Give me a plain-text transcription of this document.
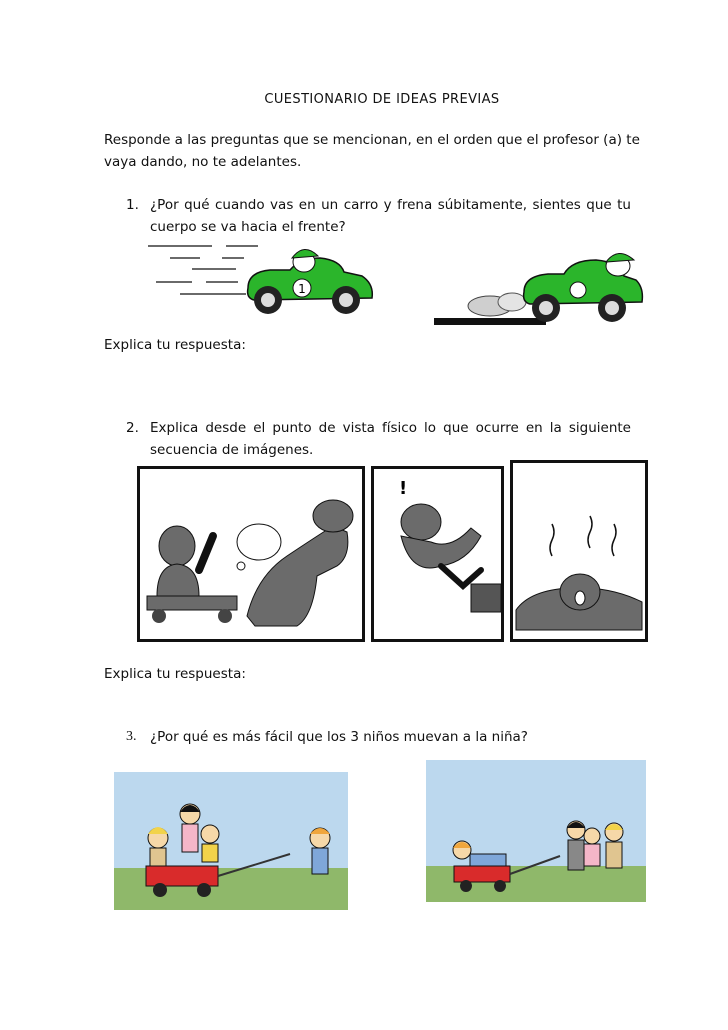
CUESTIONARIO DE IDEAS PREVIAS
Responde a las preguntas que se mencionan, en el orden que el profesor (a) te vaya dando, no te adelantes.
1. ¿Por qué cuando vas en un carro y frena súbitamente, sientes que tu cuerpo se va hacia el frente?
1
Explica tu respuesta:
2. Explica desde el punto de vista físico lo que ocurre en la siguiente secuencia de imágenes.
!
Explica tu respuesta:
3. ¿Por qué es más fácil que los 3 niños muevan a la niña?
